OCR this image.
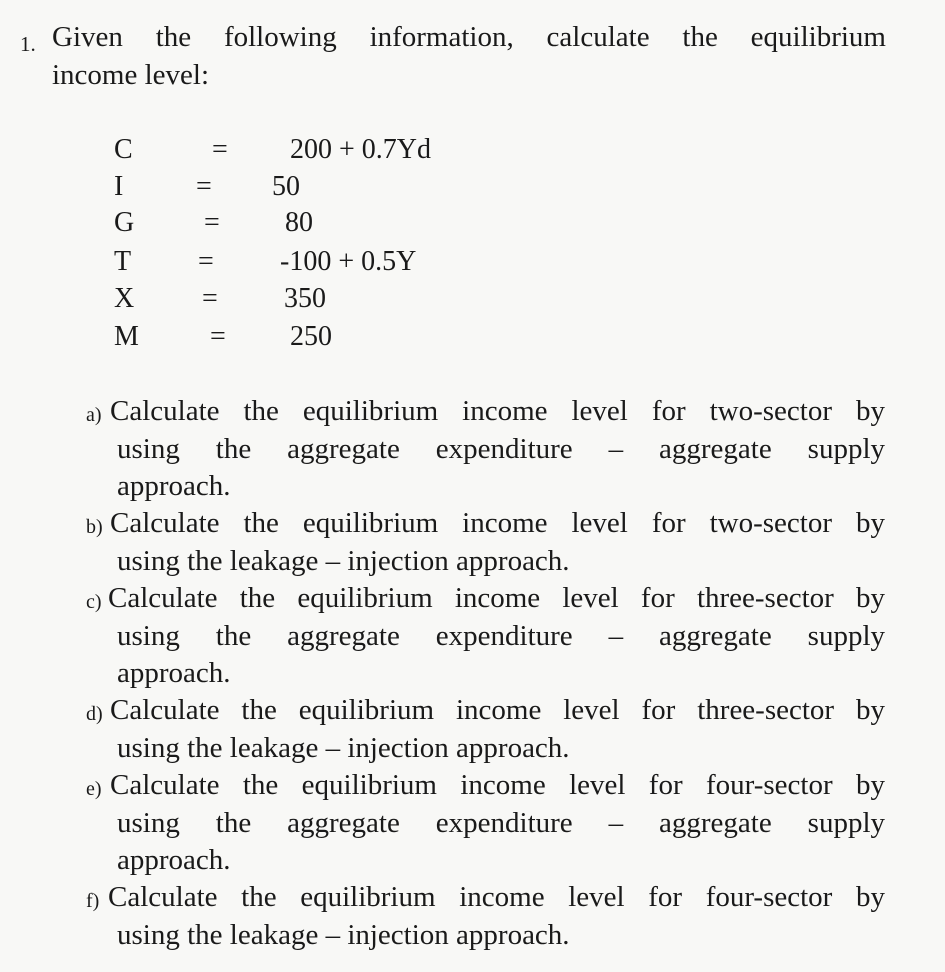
1. Given the following information, calculate the equilibrium
income level:
C	= 200 + 0.7Yd
I	= 50
G = 80
T = -100 + 0.5Y
X = 350
M	= 250
a) Calculate the equilibrium income level for two-sector by
using the aggregate expenditure – aggregate supply
approach.
b) Calculate the equilibrium income level for two-sector by
using the leakage – injection approach.
c) Calculate the equilibrium income level for three-sector by
using the aggregate expenditure – aggregate supply
approach.
d) Calculate the equilibrium income level for three-sector by
using the leakage – injection approach.
e) Calculate the equilibrium income level for four-sector by
using the aggregate expenditure – aggregate supply
approach.
f) Calculate the equilibrium income level for four-sector by
using the leakage – injection approach.
